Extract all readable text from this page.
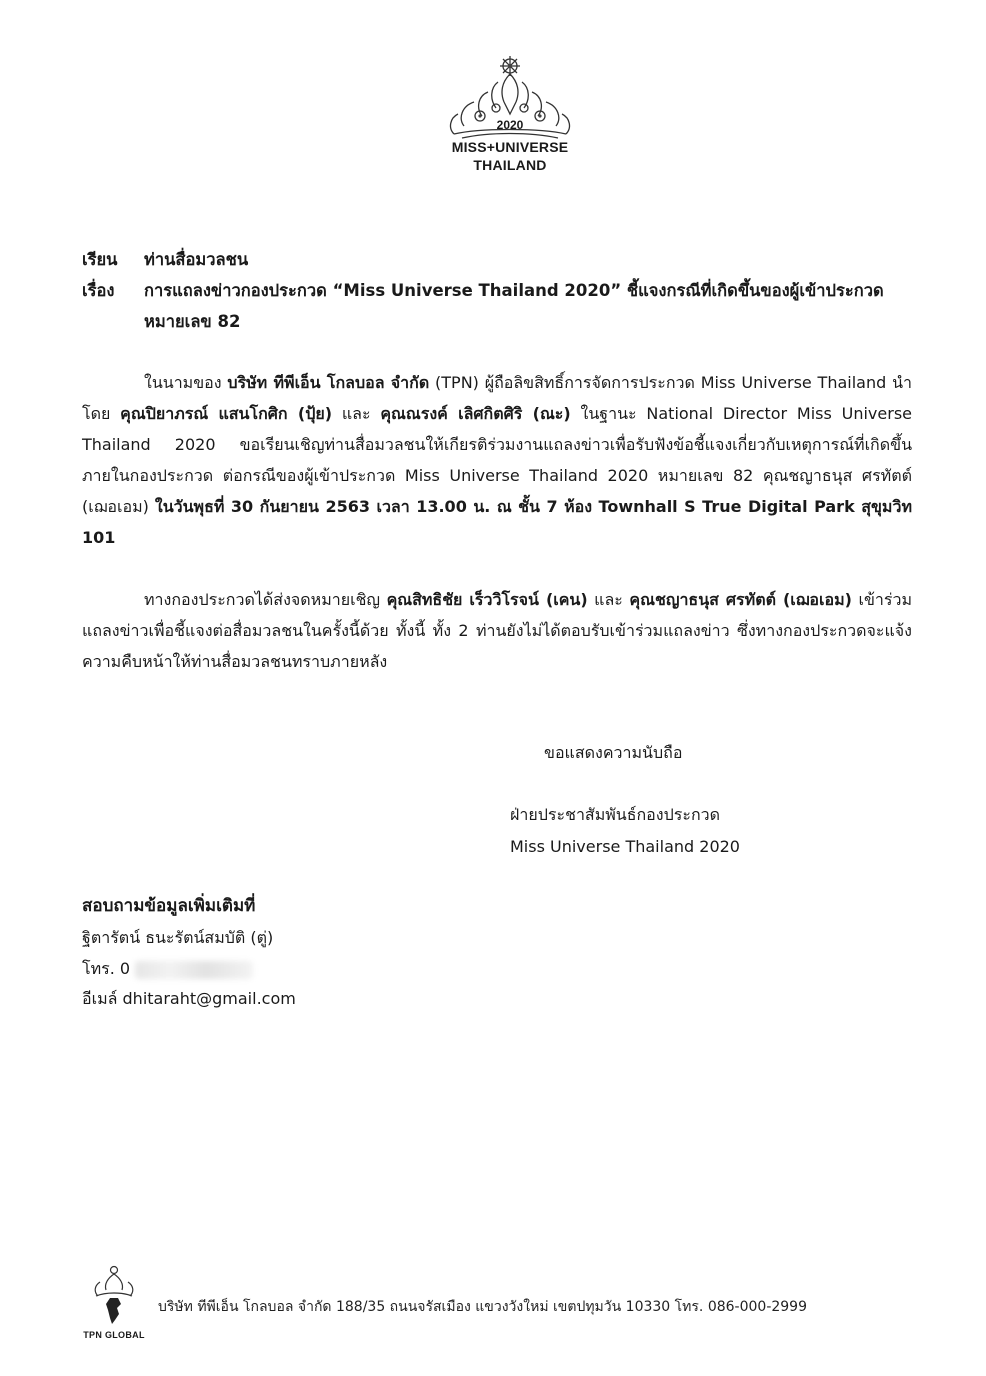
2020
MISS+UNIVERSE
THAILAND
เรียน ท่านสื่อมวลชน
เรื่อง การแถลงข่าวกองประกวด “Miss Universe Thailand 2020” ชี้แจงกรณีที่เกิดขึ้นของผู้เข้าประกวด
หมายเลข 82
ในนามของ บริษัท ทีพีเอ็น โกลบอล จำกัด (TPN) ผู้ถือลิขสิทธิ์การจัดการประกวด Miss Universe Thailand นำโดย คุณปิยาภรณ์ แสนโกศิก (ปุ้ย) และ คุณณรงค์ เลิศกิตศิริ (ณะ) ในฐานะ National Director Miss Universe Thailand 2020 ขอเรียนเชิญท่านสื่อมวลชนให้เกียรติร่วมงานแถลงข่าวเพื่อรับฟังข้อชี้แจงเกี่ยวกับเหตุการณ์ที่เกิดขึ้นภายในกองประกวด ต่อกรณีของผู้เข้าประกวด Miss Universe Thailand 2020 หมายเลข 82 คุณชญาธนุส ศรทัตต์ (เฌอเอม) ในวันพุธที่ 30 กันยายน 2563 เวลา 13.00 น. ณ ชั้น 7 ห้อง Townhall S True Digital Park สุขุมวิท 101
ทางกองประกวดได้ส่งจดหมายเชิญ คุณสิทธิชัย เร็ววิโรจน์ (เคน) และ คุณชญาธนุส ศรทัตต์ (เฌอเอม) เข้าร่วมแถลงข่าวเพื่อชี้แจงต่อสื่อมวลชนในครั้งนี้ด้วย ทั้งนี้ ทั้ง 2 ท่านยังไม่ได้ตอบรับเข้าร่วมแถลงข่าว ซึ่งทางกองประกวดจะแจ้งความคืบหน้าให้ท่านสื่อมวลชนทราบภายหลัง
ขอแสดงความนับถือ
ฝ่ายประชาสัมพันธ์กองประกวด
Miss Universe Thailand 2020
สอบถามข้อมูลเพิ่มเติมที่
ฐิตารัตน์ ธนะรัตน์สมบัติ (ตู่)
โทร. 0
อีเมล์ dhitaraht@gmail.com
TPN GLOBAL
บริษัท ทีพีเอ็น โกลบอล จำกัด 188/35 ถนนจรัสเมือง แขวงวังใหม่ เขตปทุมวัน 10330 โทร. 086-000-2999
